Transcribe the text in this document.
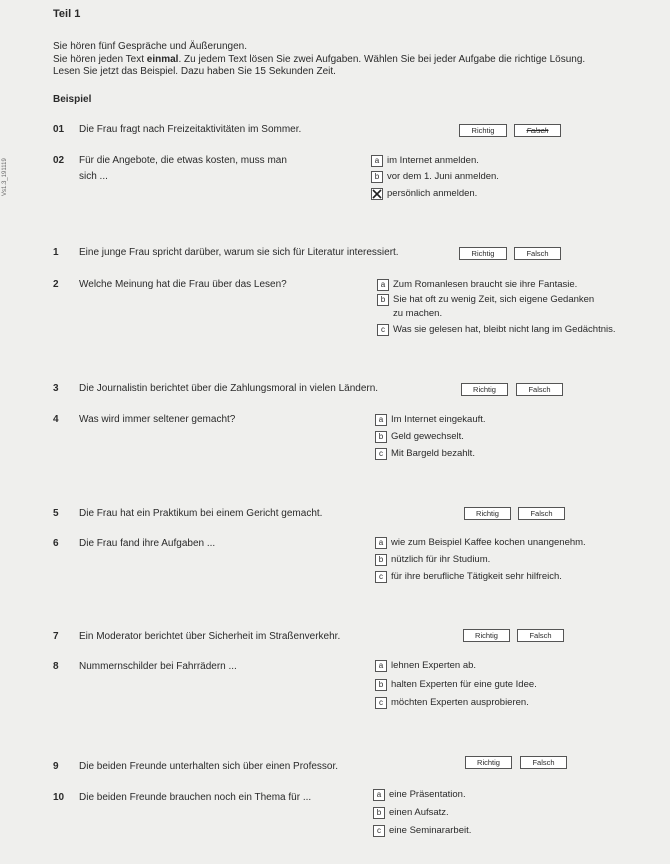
Vs1.3_191119
Teil 1
Sie hören fünf Gespräche und Äußerungen.
Sie hören jeden Text einmal. Zu jedem Text lösen Sie zwei Aufgaben. Wählen Sie bei jeder Aufgabe die richtige Lösung.
Lesen Sie jetzt das Beispiel. Dazu haben Sie 15 Sekunden Zeit.
Beispiel
01 Die Frau fragt nach Freizeitaktivitäten im Sommer.	Richtig	Falsch
02 Für die Angebote, die etwas kosten, muss man
sich ...
a im Internet anmelden.
b vor dem 1. Juni anmelden.
persönlich anmelden.
1 Eine junge Frau spricht darüber, warum sie sich für Literatur interessiert.	Richtig	Falsch
2 Welche Meinung hat die Frau über das Lesen?	a Zum Romanlesen braucht sie ihre Fantasie.
b Sie hat oft zu wenig Zeit, sich eigene Gedanken
zu machen.
c Was sie gelesen hat, bleibt nicht lang im Gedächtnis.
3 Die Journalistin berichtet über die Zahlungsmoral in vielen Ländern.	Richtig	Falsch
4 Was wird immer seltener gemacht?	a Im Internet eingekauft.
b Geld gewechselt.
c Mit Bargeld bezahlt.
5 Die Frau hat ein Praktikum bei einem Gericht gemacht.	Richtig	Falsch
6 Die Frau fand ihre Aufgaben ...	a wie zum Beispiel Kaffee kochen unangenehm.
b nützlich für ihr Studium.
c für ihre berufliche Tätigkeit sehr hilfreich.
7 Ein Moderator berichtet über Sicherheit im Straßenverkehr.	Richtig	Falsch
8 Nummernschilder bei Fahrrädern ...	a lehnen Experten ab.
b halten Experten für eine gute Idee.
c möchten Experten ausprobieren.
9 Die beiden Freunde unterhalten sich über einen Professor.	Richtig	Falsch
10 Die beiden Freunde brauchen noch ein Thema für ...	a eine Präsentation.
b einen Aufsatz.
c eine Seminararbeit.
